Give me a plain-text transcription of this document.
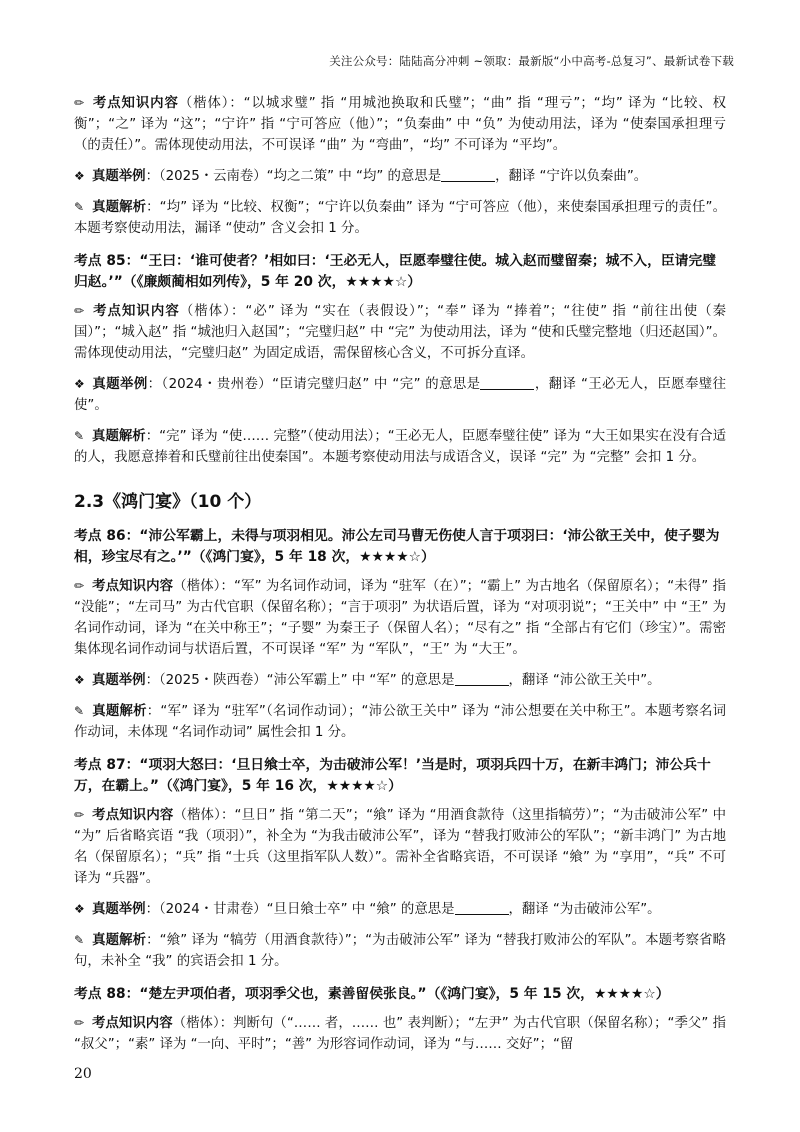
关注公众号：陆陆高分冲刺 ~领取：最新版“小中高考-总复习”、最新试卷下载
✏ 考点知识内容（楷体）：“以城求璧” 指 “用城池换取和氏璧”；“曲” 指 “理亏”；“均” 译为 “比较、权衡”；“之” 译为 “这”；“宁许” 指 “宁可答应（他）”；“负秦曲” 中 “负” 为使动用法，译为 “使秦国承担理亏（的责任）”。需体现使动用法，不可误译 “曲” 为 “弯曲”，“均” 不可译为 “平均”。
❖ 真题举例：（2025・云南卷）“均之二策” 中 “均” 的意思是	，翻译 “宁许以负秦曲”。
✎ 真题解析：“均” 译为 “比较、权衡”；“宁许以负秦曲” 译为 “宁可答应（他），来使秦国承担理亏的责任”。本题考察使动用法，漏译 “使动” 含义会扣 1 分。
考点 85：“王曰：‘谁可使者？’相如曰：‘王必无人，臣愿奉璧往使。城入赵而璧留秦；城不入，臣请完璧归赵。’”（《廉颇蔺相如列传》，5 年 20 次，★★★★☆）
✏ 考点知识内容（楷体）：“必” 译为 “实在（表假设）”；“奉” 译为 “捧着”；“往使” 指 “前往出使（秦国）”；“城入赵” 指 “城池归入赵国”；“完璧归赵” 中 “完” 为使动用法，译为 “使和氏璧完整地（归还赵国）”。需体现使动用法，“完璧归赵” 为固定成语，需保留核心含义，不可拆分直译。
❖ 真题举例：（2024・贵州卷）“臣请完璧归赵” 中 “完” 的意思是	，翻译 “王必无人，臣愿奉璧往使”。
✎ 真题解析：“完” 译为 “使…… 完整”（使动用法）；“王必无人，臣愿奉璧往使” 译为 “大王如果实在没有合适的人，我愿意捧着和氏璧前往出使秦国”。本题考察使动用法与成语含义，误译 “完” 为 “完整” 会扣 1 分。
2.3《鸿门宴》（10 个）
考点 86：“沛公军霸上，未得与项羽相见。沛公左司马曹无伤使人言于项羽曰：‘沛公欲王关中，使子婴为相，珍宝尽有之。’”（《鸿门宴》，5 年 18 次，★★★★☆）
✏ 考点知识内容（楷体）：“军” 为名词作动词，译为 “驻军（在）”；“霸上” 为古地名（保留原名）；“未得” 指 “没能”；“左司马” 为古代官职（保留名称）；“言于项羽” 为状语后置，译为 “对项羽说”；“王关中” 中 “王” 为名词作动词，译为 “在关中称王”；“子婴” 为秦王子（保留人名）；“尽有之” 指 “全部占有它们（珍宝）”。需密集体现名词作动词与状语后置，不可误译 “军” 为 “军队”，“王” 为 “大王”。
❖ 真题举例：（2025・陕西卷）“沛公军霸上” 中 “军” 的意思是	，翻译 “沛公欲王关中”。
✎ 真题解析：“军” 译为 “驻军”（名词作动词）；“沛公欲王关中” 译为 “沛公想要在关中称王”。本题考察名词作动词，未体现 “名词作动词” 属性会扣 1 分。
考点 87：“项羽大怒曰：‘旦日飨士卒，为击破沛公军！’当是时，项羽兵四十万，在新丰鸿门；沛公兵十万，在霸上。”（《鸿门宴》，5 年 16 次，★★★★☆）
✏ 考点知识内容（楷体）：“旦日” 指 “第二天”；“飨” 译为 “用酒食款待（这里指犒劳）”；“为击破沛公军” 中 “为” 后省略宾语 “我（项羽）”，补全为 “为我击破沛公军”，译为 “替我打败沛公的军队”；“新丰鸿门” 为古地名（保留原名）；“兵” 指 “士兵（这里指军队人数）”。需补全省略宾语，不可误译 “飨” 为 “享用”，“兵” 不可译为 “兵器”。
❖ 真题举例：（2024・甘肃卷）“旦日飨士卒” 中 “飨” 的意思是	，翻译 “为击破沛公军”。
✎ 真题解析：“飨” 译为 “犒劳（用酒食款待）”；“为击破沛公军” 译为 “替我打败沛公的军队”。本题考察省略句，未补全 “我” 的宾语会扣 1 分。
考点 88：“楚左尹项伯者，项羽季父也，素善留侯张良。”（《鸿门宴》，5 年 15 次，★★★★☆）
✏ 考点知识内容（楷体）：判断句（“…… 者，…… 也” 表判断）；“左尹” 为古代官职（保留名称）；“季父” 指 “叔父”；“素” 译为 “一向、平时”；“善” 为形容词作动词，译为 “与…… 交好”；“留
20
